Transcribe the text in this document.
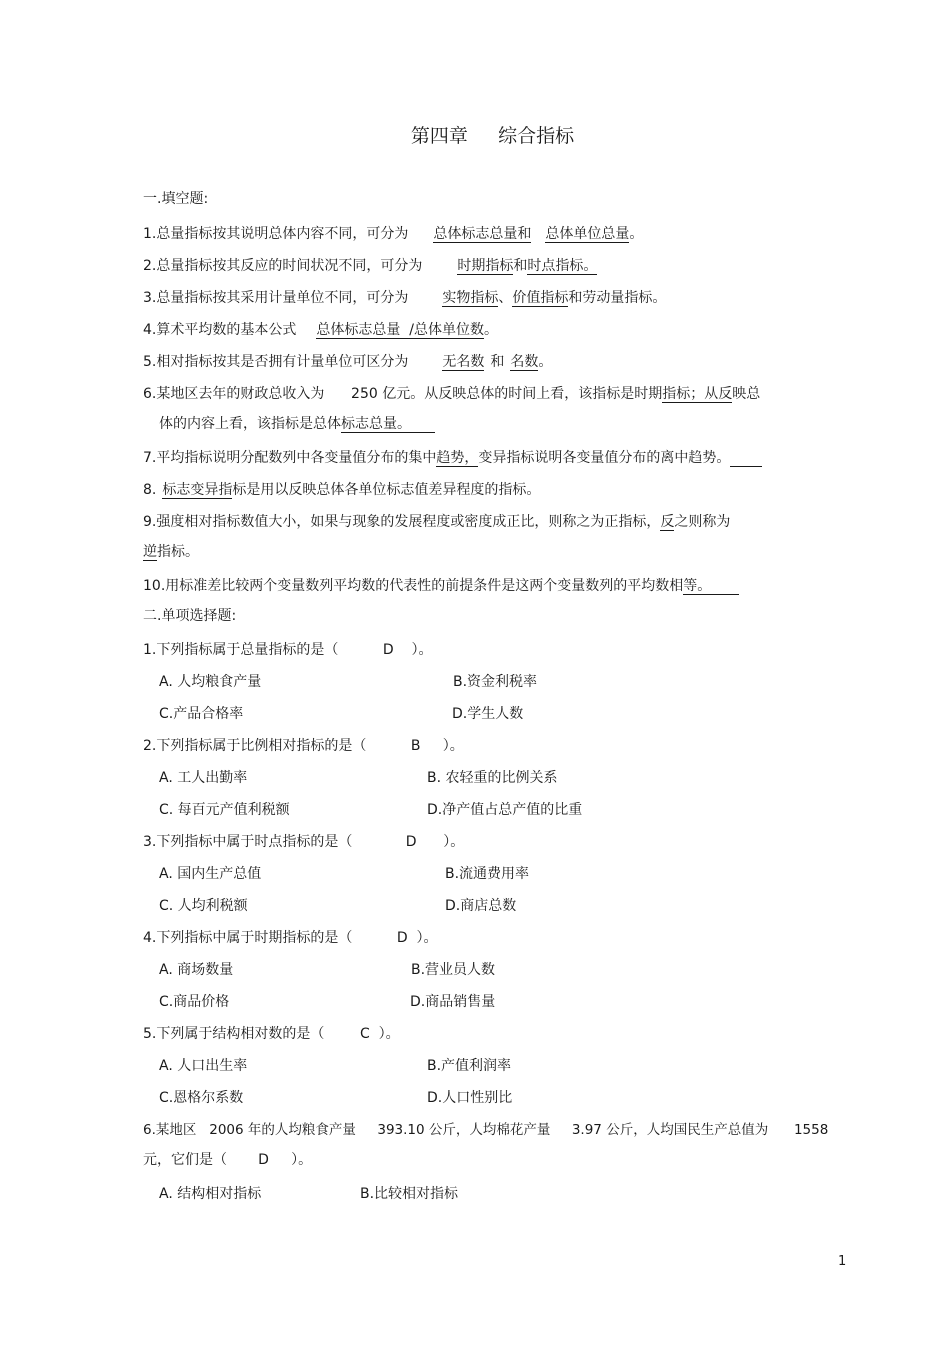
第四章     综合指标
一.填空题:
1.总量指标按其说明总体内容不同，可分为 总体标志总量和 总体单位总量。
2.总量指标按其反应的时间状况不同，可分为	时期指标和时点指标。
3.总量指标按其采用计量单位不同，可分为 实物指标、价值指标和劳动量指标。
4.算术平均数的基本公式 总体标志总量  /总体单位数。
5.相对指标按其是否拥有计量单位可区分为 无名数 和 名数。
6.某地区去年的财政总收入为      250 亿元。从反映总体的时间上看，该指标是时期指标；从反映总
体的内容上看，该指标是总体标志总量。
7.平均指标说明分配数列中各变量值分布的集中趋势，变异指标说明各变量值分布的离中趋势。
8. 标志变异指标是用以反映总体各单位标志值差异程度的指标。
9.强度相对指标数值大小，如果与现象的发展程度或密度成正比，则称之为正指标，反之则称为
逆指标。
10.用标准差比较两个变量数列平均数的代表性的前提条件是这两个变量数列的平均数相等。
二.单项选择题:
1.下列指标属于总量指标的是（          D    ）。
A. 人均粮食产量	B.资金利税率
C.产品合格率	D.学生人数
2.下列指标属于比例相对指标的是（          B     ）。
A. 工人出勤率	B. 农轻重的比例关系
C. 每百元产值利税额	D.净产值占总产值的比重
3.下列指标中属于时点指标的是（            D      ）。
A. 国内生产总值	B.流通费用率
C. 人均利税额	D.商店总数
4.下列指标中属于时期指标的是（          D  ）。
A. 商场数量	B.营业员人数
C.商品价格	D.商品销售量
5.下列属于结构相对数的是（        C  ）。
A. 人口出生率	B.产值利润率
C.恩格尔系数	D.人口性别比
6.某地区   2006 年的人均粮食产量     393.10 公斤，人均棉花产量     3.97 公斤，人均国民生产总值为      1558
元，它们是（       D     ）。
A. 结构相对指标	B.比较相对指标
1
